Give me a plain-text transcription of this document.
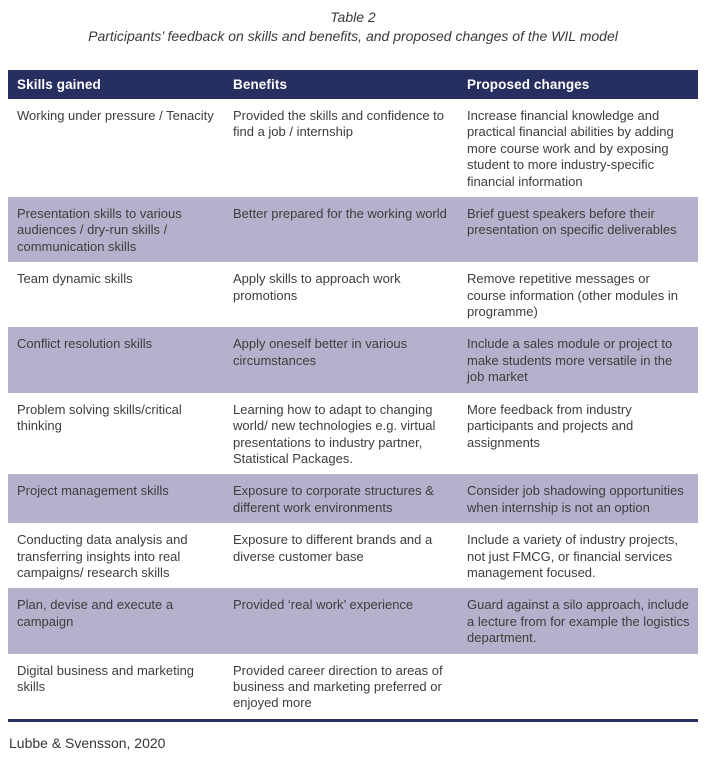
Table 2
Participants’ feedback on skills and benefits, and proposed changes of the WIL model
Skills gained	Benefits	Proposed changes
Working under pressure / Tenacity	Provided the skills and confidence to find a job / internship	Increase financial knowledge and practical financial abilities by adding more course work and by exposing student to more industry-specific financial information
Presentation skills to various audiences / dry-run skills / communication skills	Better prepared for the working world	Brief guest speakers before their presentation on specific deliverables
Team dynamic skills	Apply skills to approach work promotions	Remove repetitive messages or course information (other modules in programme)
Conflict resolution skills	Apply oneself better in various circumstances	Include a sales module or project to make students more versatile in the job market
Problem solving skills/critical thinking	Learning how to adapt to changing world/ new technologies e.g. virtual presentations to industry partner, Statistical Packages.	More feedback from industry participants and projects and assignments
Project management skills	Exposure to corporate structures & different work environments	Consider job shadowing opportunities when internship is not an option
Conducting data analysis and transferring insights into real campaigns/ research skills	Exposure to different brands and a diverse customer base	Include a variety of industry projects, not just FMCG, or financial services management focused.
Plan, devise and execute a campaign	Provided ‘real work’ experience	Guard against a silo approach, include a lecture from for example the logistics department.
Digital business and marketing skills	Provided career direction to areas of business and marketing preferred or enjoyed more	
Lubbe & Svensson, 2020
